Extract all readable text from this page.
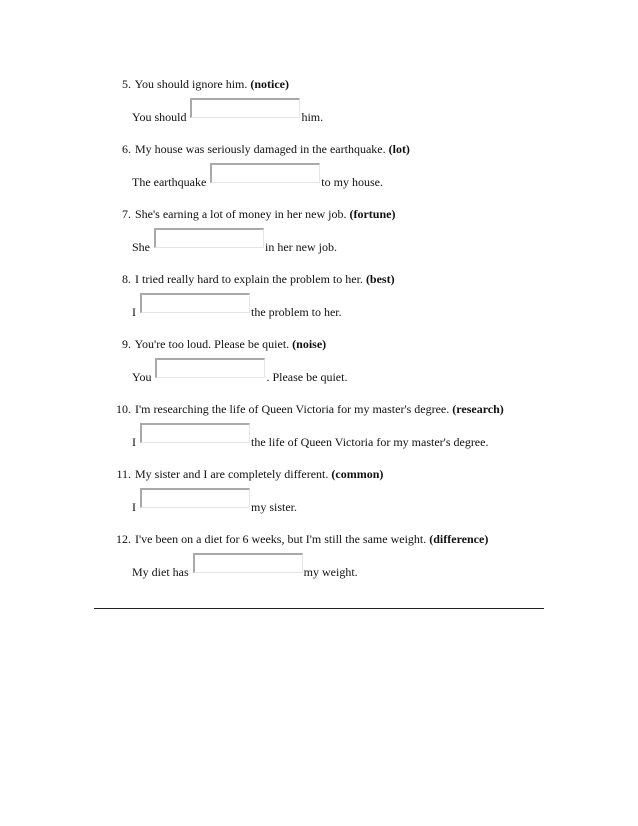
5. You should ignore him. (notice)
You should	him.
6. My house was seriously damaged in the earthquake. (lot)
The earthquake	to my house.
7. She's earning a lot of money in her new job. (fortune)
She	in her new job.
8. I tried really hard to explain the problem to her. (best)
I	the problem to her.
9. You're too loud. Please be quiet. (noise)
You	. Please be quiet.
10. I'm researching the life of Queen Victoria for my master's degree. (research)
I	the life of Queen Victoria for my master's degree.
11. My sister and I are completely different. (common)
I	my sister.
12. I've been on a diet for 6 weeks, but I'm still the same weight. (difference)
My diet has	my weight.
